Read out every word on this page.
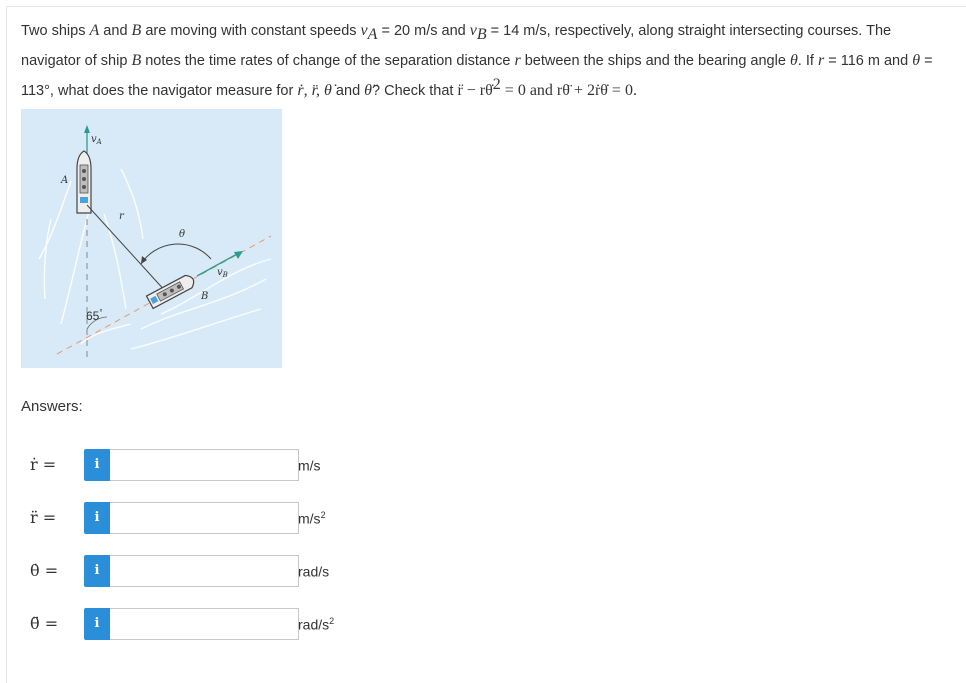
Two ships A and B are moving with constant speeds $v_A = 20$ m/s and $v_B = 14$ m/s, respectively, along straight intersecting courses. The navigator of ship B notes the time rates of change of the separation distance r between the ships and the bearing angle θ. If r = 116 m and θ = 113°, what does the navigator measure for ṙ, r̈, θ̇ and θ̈? Check that r̈ − rθ̇$^2$ = 0 and rθ̈ + 2ṙθ̇ = 0.
$v_A$
A
r
θ
$v_B$
B
65°
Answers:
ṙ =	i	m/s
r̈ =	i	$m/s^2$
θ̇ =	i	rad/s
θ̈ =	i	rad/$s^2$
